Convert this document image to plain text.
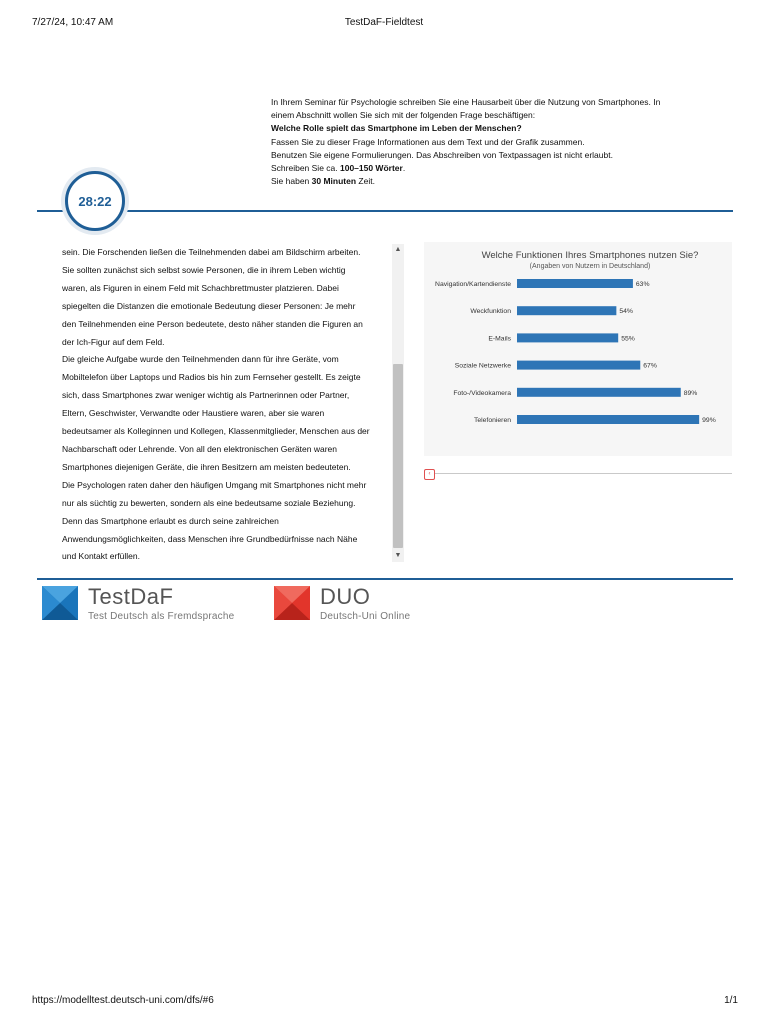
7/27/24, 10:47 AM	TestDaF-Fieldtest
In Ihrem Seminar für Psychologie schreiben Sie eine Hausarbeit über die Nutzung von Smartphones. In
einem Abschnitt wollen Sie sich mit der folgenden Frage beschäftigen:
Welche Rolle spielt das Smartphone im Leben der Menschen?
Fassen Sie zu dieser Frage Informationen aus dem Text und der Grafik zusammen.
Benutzen Sie eigene Formulierungen. Das Abschreiben von Textpassagen ist nicht erlaubt.
Schreiben Sie ca. 100–150 Wörter.
Sie haben 30 Minuten Zeit.
28:22
sein. Die Forschenden ließen die Teilnehmenden dabei am Bildschirm arbeiten.
Sie sollten zunächst sich selbst sowie Personen, die in ihrem Leben wichtig
waren, als Figuren in einem Feld mit Schachbrettmuster platzieren. Dabei
spiegelten die Distanzen die emotionale Bedeutung dieser Personen: Je mehr
den Teilnehmenden eine Person bedeutete, desto näher standen die Figuren an
der Ich-Figur auf dem Feld.
Die gleiche Aufgabe wurde den Teilnehmenden dann für ihre Geräte, vom
Mobiltelefon über Laptops und Radios bis hin zum Fernseher gestellt. Es zeigte
sich, dass Smartphones zwar weniger wichtig als Partnerinnen oder Partner,
Eltern, Geschwister, Verwandte oder Haustiere waren, aber sie waren
bedeutsamer als Kolleginnen und Kollegen, Klassenmitglieder, Menschen aus der
Nachbarschaft oder Lehrende. Von all den elektronischen Geräten waren
Smartphones diejenigen Geräte, die ihren Besitzern am meisten bedeuteten.
Die Psychologen raten daher den häufigen Umgang mit Smartphones nicht mehr
nur als süchtig zu bewerten, sondern als eine bedeutsame soziale Beziehung.
Denn das Smartphone erlaubt es durch seine zahlreichen
Anwendungsmöglichkeiten, dass Menschen ihre Grundbedürfnisse nach Nähe
und Kontakt erfüllen.
▲
▼
Welche Funktionen Ihres Smartphones nutzen Sie?
(Angaben von Nutzern in Deutschland)
Navigation/Kartendienste	63%
Weckfunktion	54%
E-Mails	55%
Soziale Netzwerke	67%
Foto-/Videokamera	89%
Telefonieren	99%
‹
TestDaF
Test Deutsch als Fremdsprache
DUO
Deutsch-Uni Online
https://modelltest.deutsch-uni.com/dfs/#6	1/1
